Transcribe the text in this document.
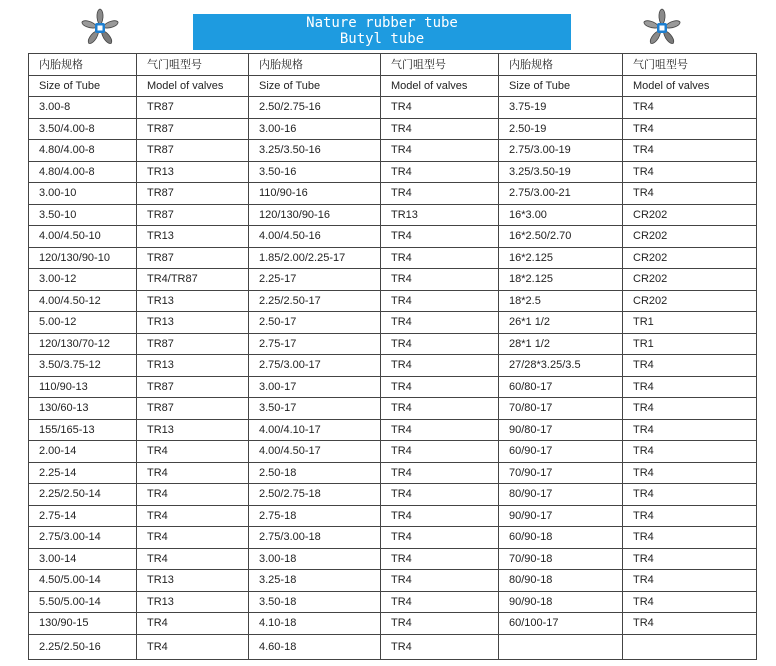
Nature rubber tube
Butyl tube
内胎规格	气门咀型号	内胎规格	气门咀型号	内胎规格	气门咀型号
Size of Tube	Model of valves	Size of Tube	Model of valves	Size of Tube	Model of valves
3.00-8	TR87	2.50/2.75-16	TR4	3.75-19	TR4
3.50/4.00-8	TR87	3.00-16	TR4	2.50-19	TR4
4.80/4.00-8	TR87	3.25/3.50-16	TR4	2.75/3.00-19	TR4
4.80/4.00-8	TR13	3.50-16	TR4	3.25/3.50-19	TR4
3.00-10	TR87	110/90-16	TR4	2.75/3.00-21	TR4
3.50-10	TR87	120/130/90-16	TR13	16*3.00	CR202
4.00/4.50-10	TR13	4.00/4.50-16	TR4	16*2.50/2.70	CR202
120/130/90-10	TR87	1.85/2.00/2.25-17	TR4	16*2.125	CR202
3.00-12	TR4/TR87	2.25-17	TR4	18*2.125	CR202
4.00/4.50-12	TR13	2.25/2.50-17	TR4	18*2.5	CR202
5.00-12	TR13	2.50-17	TR4	26*1 1/2	TR1
120/130/70-12	TR87	2.75-17	TR4	28*1 1/2	TR1
3.50/3.75-12	TR13	2.75/3.00-17	TR4	27/28*3.25/3.5	TR4
110/90-13	TR87	3.00-17	TR4	60/80-17	TR4
130/60-13	TR87	3.50-17	TR4	70/80-17	TR4
155/165-13	TR13	4.00/4.10-17	TR4	90/80-17	TR4
2.00-14	TR4	4.00/4.50-17	TR4	60/90-17	TR4
2.25-14	TR4	2.50-18	TR4	70/90-17	TR4
2.25/2.50-14	TR4	2.50/2.75-18	TR4	80/90-17	TR4
2.75-14	TR4	2.75-18	TR4	90/90-17	TR4
2.75/3.00-14	TR4	2.75/3.00-18	TR4	60/90-18	TR4
3.00-14	TR4	3.00-18	TR4	70/90-18	TR4
4.50/5.00-14	TR13	3.25-18	TR4	80/90-18	TR4
5.50/5.00-14	TR13	3.50-18	TR4	90/90-18	TR4
130/90-15	TR4	4.10-18	TR4	60/100-17	TR4
2.25/2.50-16	TR4	4.60-18	TR4		
